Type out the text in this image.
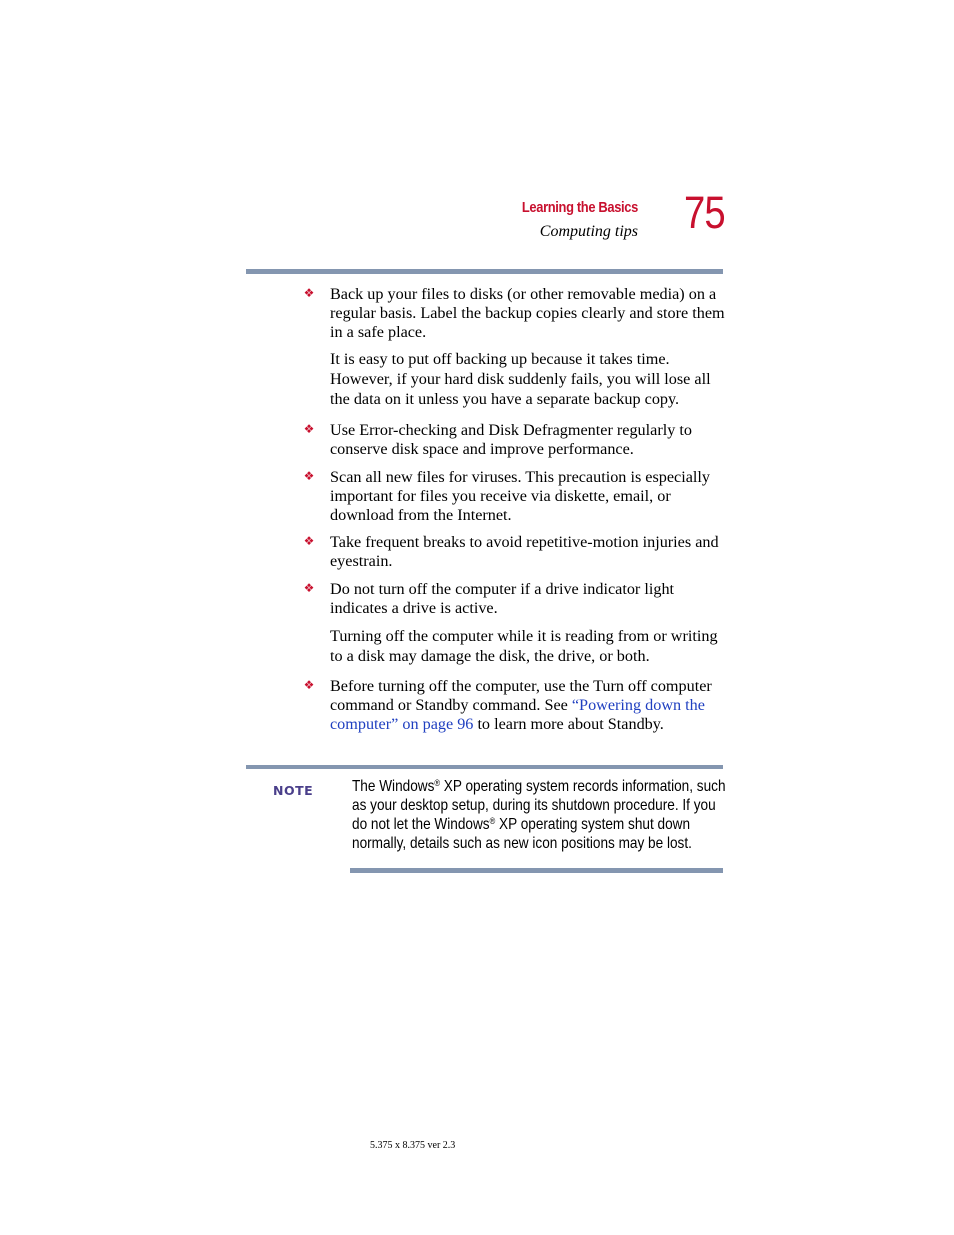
Learning the Basics
Computing tips 75
❖ Back up your files to disks (or other removable media) on a regular basis. Label the backup copies clearly and store them in a safe place.
It is easy to put off backing up because it takes time. However, if your hard disk suddenly fails, you will lose all the data on it unless you have a separate backup copy.
❖ Use Error-checking and Disk Defragmenter regularly to conserve disk space and improve performance.
❖ Scan all new files for viruses. This precaution is especially important for files you receive via diskette, email, or download from the Internet.
❖ Take frequent breaks to avoid repetitive-motion injuries and eyestrain.
❖ Do not turn off the computer if a drive indicator light indicates a drive is active.
Turning off the computer while it is reading from or writing to a disk may damage the disk, the drive, or both.
❖ Before turning off the computer, use the Turn off computer command or Standby command. See “Powering down the computer” on page 96 to learn more about Standby.
NOTE The Windows® XP operating system records information, such as your desktop setup, during its shutdown procedure. If you do not let the Windows® XP operating system shut down normally, details such as new icon positions may be lost.
5.375 x 8.375 ver 2.3
